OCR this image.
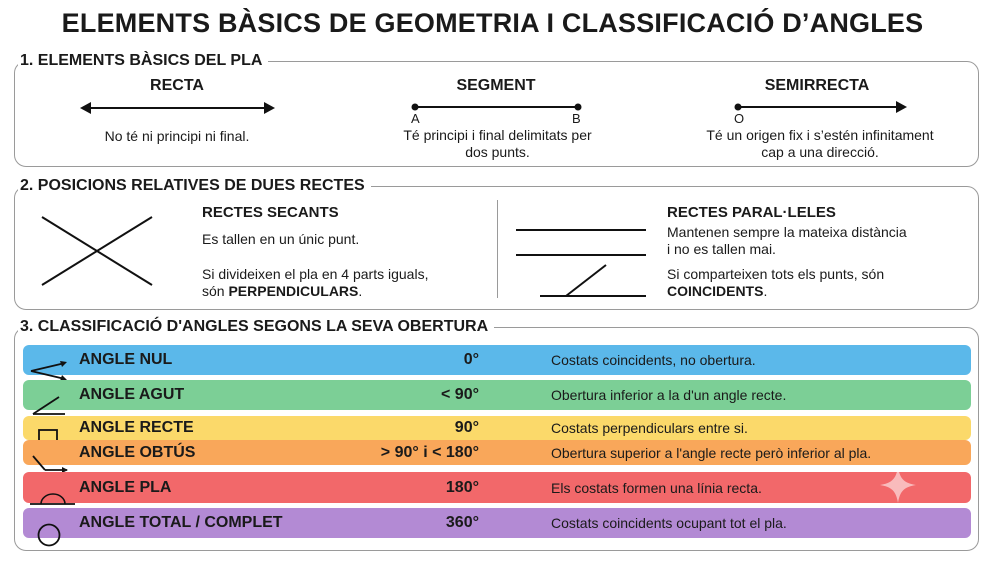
ELEMENTS BÀSICS DE GEOMETRIA I CLASSIFICACIÓ D’ANGLES
1. ELEMENTS BÀSICS DEL PLA
RECTA
No té ni principi ni final.
SEGMENT
A	B
Té principi i final delimitats per
dos punts.
SEMIRRECTA
O
Té un origen fix i s’estén infinitament
cap a una direcció.
2. POSICIONS RELATIVES DE DUES RECTES
RECTES SECANTS
Es tallen en un únic punt.
Si divideixen el pla en 4 parts iguals,
són PERPENDICULARS.
RECTES PARAL·LELES
Mantenen sempre la mateixa distància
i no es tallen mai.
Si comparteixen tots els punts, són
COINCIDENTS.
3. CLASSIFICACIÓ D'ANGLES SEGONS LA SEVA OBERTURA
ANGLE NUL	0°	Costats coincidents, no obertura.
ANGLE AGUT	< 90°	Obertura inferior a la d'un angle recte.
ANGLE RECTE	90°	Costats perpendiculars entre si.
ANGLE OBTÚS	> 90° i < 180°	Obertura superior a l'angle recte però inferior al pla.
ANGLE PLA	180°	Els costats formen una línia recta.
ANGLE TOTAL / COMPLET	360°	Costats coincidents ocupant tot el pla.
